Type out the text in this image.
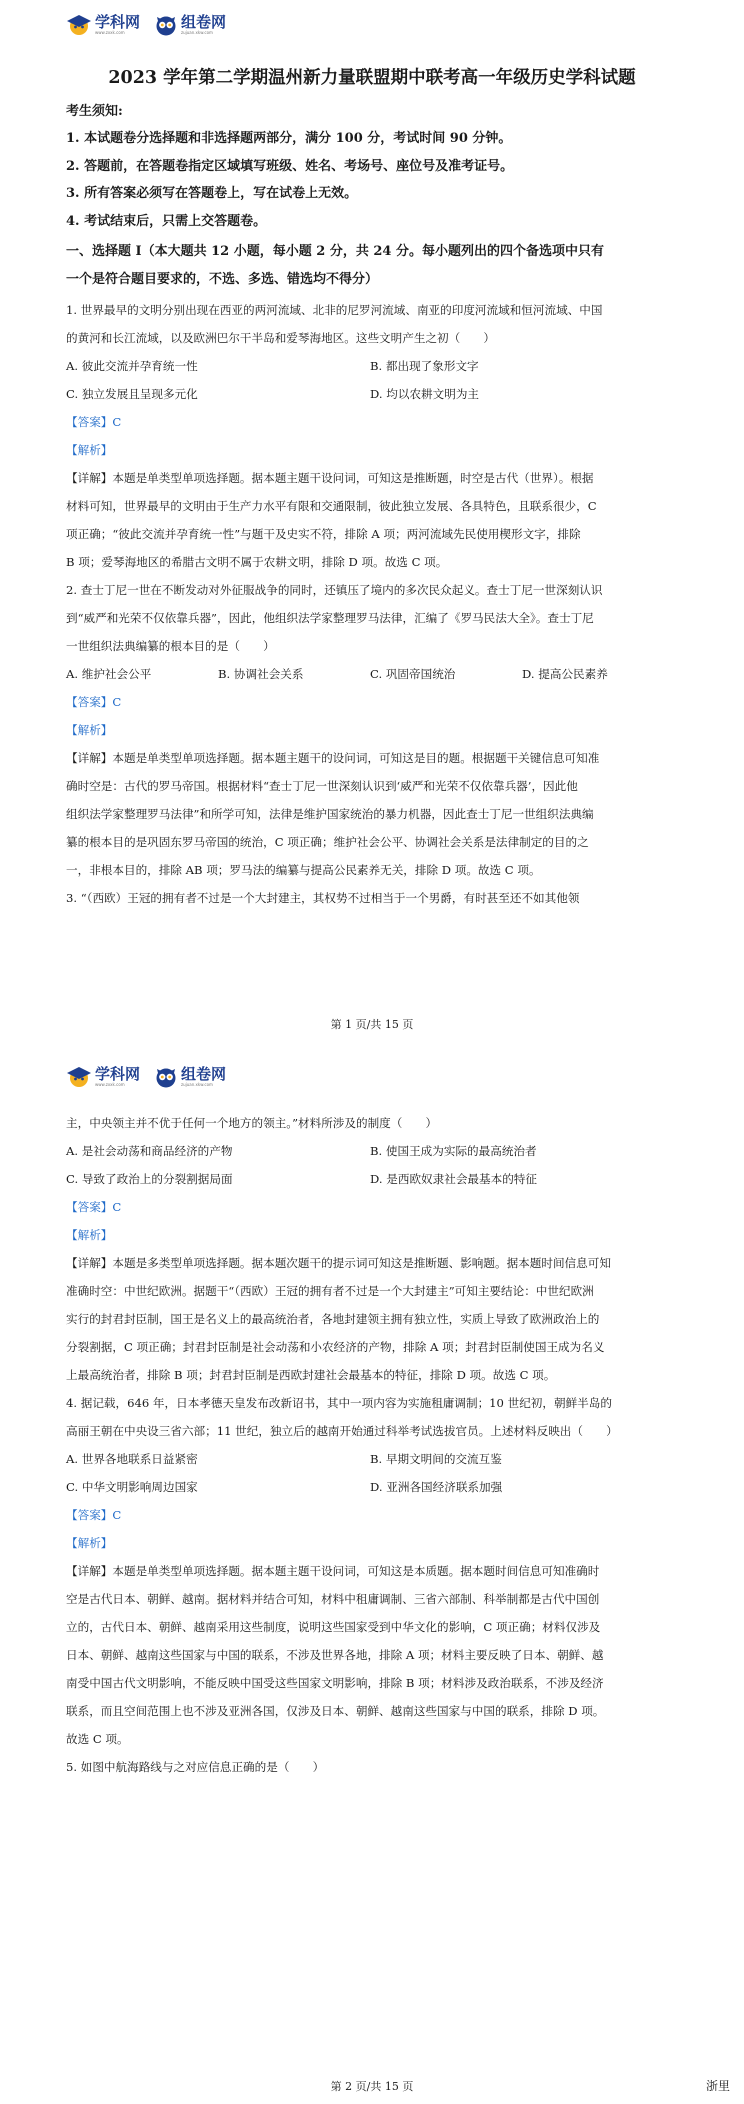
学科网
www.zxxk.com
组卷网
zujuan.xkw.com
2023 学年第二学期温州新力量联盟期中联考高一年级历史学科试题
考生须知:
1. 本试题卷分选择题和非选择题两部分，满分 100 分，考试时间 90 分钟。
2. 答题前，在答题卷指定区域填写班级、姓名、考场号、座位号及准考证号。
3. 所有答案必须写在答题卷上，写在试卷上无效。
4. 考试结束后，只需上交答题卷。
一、选择题 I（本大题共 12 小题，每小题 2 分，共 24 分。每小题列出的四个备选项中只有
一个是符合题目要求的，不选、多选、错选均不得分）
1. 世界最早的文明分别出现在西亚的两河流域、北非的尼罗河流域、南亚的印度河流域和恒河流域、中国
的黄河和长江流域，以及欧洲巴尔干半岛和爱琴海地区。这些文明产生之初（　　）
A. 彼此交流并孕育统一性	B. 都出现了象形文字
C. 独立发展且呈现多元化	D. 均以农耕文明为主
【答案】C
【解析】
【详解】本题是单类型单项选择题。据本题主题干设问词，可知这是推断题，时空是古代（世界）。根据
材料可知，世界最早的文明由于生产力水平有限和交通限制，彼此独立发展、各具特色，且联系很少，C
项正确；“彼此交流并孕育统一性”与题干及史实不符，排除 A 项；两河流域先民使用楔形文字，排除
B 项；爱琴海地区的希腊古文明不属于农耕文明，排除 D 项。故选 C 项。
2. 查士丁尼一世在不断发动对外征服战争的同时，还镇压了境内的多次民众起义。查士丁尼一世深刻认识
到“威严和光荣不仅依靠兵器”，因此，他组织法学家整理罗马法律，汇编了《罗马民法大全》。查士丁尼
一世组织法典编纂的根本目的是（　　）
A. 维护社会公平	B. 协调社会关系	C. 巩固帝国统治	D. 提高公民素养
【答案】C
【解析】
【详解】本题是单类型单项选择题。据本题主题干的设问词，可知这是目的题。根据题干关键信息可知准
确时空是：古代的罗马帝国。根据材料“查士丁尼一世深刻认识到‘威严和光荣不仅依靠兵器’，因此他
组织法学家整理罗马法律”和所学可知，法律是维护国家统治的暴力机器，因此查士丁尼一世组织法典编
纂的根本目的是巩固东罗马帝国的统治，C 项正确；维护社会公平、协调社会关系是法律制定的目的之
一，非根本目的，排除 AB 项；罗马法的编纂与提高公民素养无关，排除 D 项。故选 C 项。
3. “（西欧）王冠的拥有者不过是一个大封建主，其权势不过相当于一个男爵，有时甚至还不如其他领
第 1 页/共 15 页
学科网
www.zxxk.com
组卷网
zujuan.xkw.com
主，中央领主并不优于任何一个地方的领主。”材料所涉及的制度（　　）
A. 是社会动荡和商品经济的产物	B. 使国王成为实际的最高统治者
C. 导致了政治上的分裂割据局面	D. 是西欧奴隶社会最基本的特征
【答案】C
【解析】
【详解】本题是多类型单项选择题。据本题次题干的提示词可知这是推断题、影响题。据本题时间信息可知
准确时空：中世纪欧洲。据题干“（西欧）王冠的拥有者不过是一个大封建主”可知主要结论：中世纪欧洲
实行的封君封臣制，国王是名义上的最高统治者，各地封建领主拥有独立性，实质上导致了欧洲政治上的
分裂割据，C 项正确；封君封臣制是社会动荡和小农经济的产物，排除 A 项；封君封臣制使国王成为名义
上最高统治者，排除 B 项；封君封臣制是西欧封建社会最基本的特征，排除 D 项。故选 C 项。
4. 据记载，646 年，日本孝德天皇发布改新诏书，其中一项内容为实施租庸调制；10 世纪初，朝鲜半岛的
高丽王朝在中央设三省六部；11 世纪，独立后的越南开始通过科举考试选拔官员。上述材料反映出（　　）
A. 世界各地联系日益紧密	B. 早期文明间的交流互鉴
C. 中华文明影响周边国家	D. 亚洲各国经济联系加强
【答案】C
【解析】
【详解】本题是单类型单项选择题。据本题主题干设问词，可知这是本质题。据本题时间信息可知准确时
空是古代日本、朝鲜、越南。据材料并结合可知，材料中租庸调制、三省六部制、科举制都是古代中国创
立的，古代日本、朝鲜、越南采用这些制度，说明这些国家受到中华文化的影响，C 项正确；材料仅涉及
日本、朝鲜、越南这些国家与中国的联系，不涉及世界各地，排除 A 项；材料主要反映了日本、朝鲜、越
南受中国古代文明影响，不能反映中国受这些国家文明影响，排除 B 项；材料涉及政治联系，不涉及经济
联系，而且空间范围上也不涉及亚洲各国，仅涉及日本、朝鲜、越南这些国家与中国的联系，排除 D 项。
故选 C 项。
5. 如图中航海路线与之对应信息正确的是（　　）
第 2 页/共 15 页	浙里
